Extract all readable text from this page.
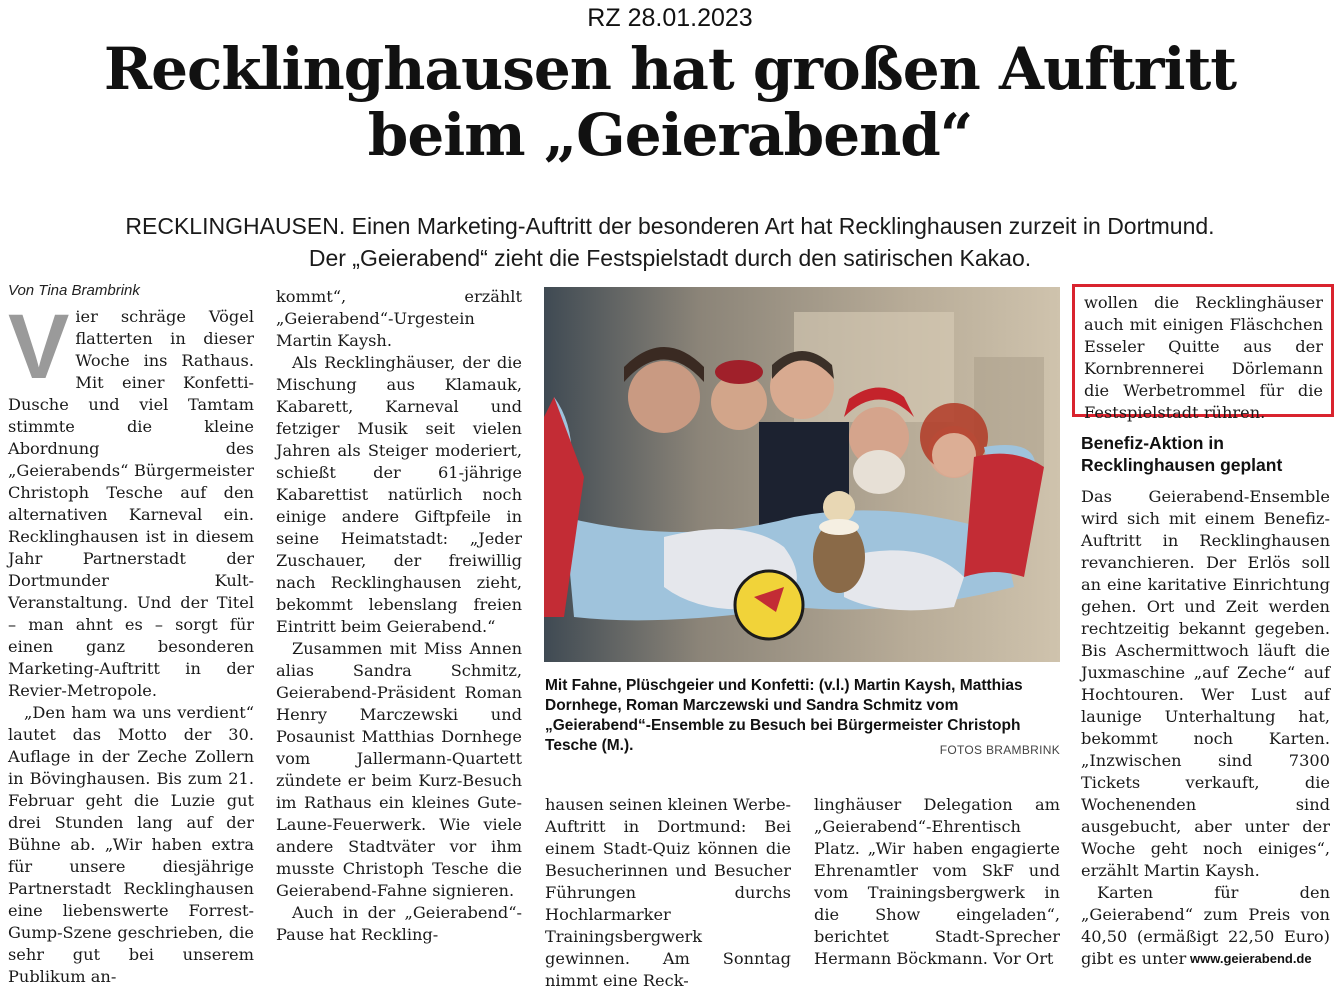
RZ 28.01.2023
Recklinghausen hat großen Auftritt
beim „Geierabend“
RECKLINGHAUSEN. Einen Marketing-Auftritt der besonderen Art hat Recklinghausen zurzeit in Dortmund.
Der „Geierabend“ zieht die Festspielstadt durch den satirischen Kakao.
Von Tina Brambrink
V ier schräge Vögel flatterten in dieser Woche ins Rathaus. Mit einer Konfetti-Dusche und viel Tamtam stimmte die kleine Abordnung des „Geierabends“ Bürgermeister Christoph Tesche auf den alternativen Karneval ein. Recklinghausen ist in diesem Jahr Partnerstadt der Dortmunder Kult-Veranstaltung. Und der Titel – man ahnt es – sorgt für einen ganz besonderen Marketing-Auftritt in der Revier-Metropole.

„Den ham wa uns verdient“ lautet das Motto der 30. Auflage in der Zeche Zollern in Bövinghausen. Bis zum 21. Februar geht die Luzie gut drei Stunden lang auf der Bühne ab. „Wir haben extra für unsere diesjährige Partnerstadt Recklinghausen eine liebenswerte Forrest-Gump-Szene geschrieben, die sehr gut bei unserem Publikum an-

kommt“, erzählt „Geierabend“-Urgestein Martin Kaysh.

Als Recklinghäuser, der die Mischung aus Klamauk, Kabarett, Karneval und fetziger Musik seit vielen Jahren als Steiger moderiert, schießt der 61-jährige Kabarettist natürlich noch einige andere Giftpfeile in seine Heimatstadt: „Jeder Zuschauer, der freiwillig nach Recklinghausen zieht, bekommt lebenslang freien Eintritt beim Geierabend.“

Zusammen mit Miss Annen alias Sandra Schmitz, Geierabend-Präsident Roman Henry Marczewski und Posaunist Matthias Dornhege vom Jallermann-Quartett zündete er beim Kurz-Besuch im Rathaus ein kleines Gute-Laune-Feuerwerk. Wie viele andere Stadtväter vor ihm musste Christoph Tesche die Geierabend-Fahne signieren.

Auch in der „Geierabend“-Pause hat Reckling-

Mit Fahne, Plüschgeier und Konfetti: (v.l.) Martin Kaysh, Matthias Dornhege, Roman Marczewski und Sandra Schmitz vom „Geierabend“-Ensemble zu Besuch bei Bürgermeister Christoph Tesche (M.).	FOTOS BRAMBRINK

hausen seinen kleinen Werbe-Auftritt in Dortmund: Bei einem Stadt-Quiz können die Besucherinnen und Besucher Führungen durchs Hochlarmarker Trainingsbergwerk gewinnen. Am Sonntag nimmt eine Reck-

linghäuser Delegation am „Geierabend“-Ehrentisch Platz. „Wir haben engagierte Ehrenamtler vom SkF und vom Trainingsbergwerk in die Show eingeladen“, berichtet Stadt-Sprecher Hermann Böckmann. Vor Ort

wollen die Recklinghäuser auch mit einigen Fläschchen Esseler Quitte aus der Kornbrennerei Dörlemann die Werbetrommel für die Festspielstadt rühren.
Benefiz-Aktion in Recklinghausen geplant

Das Geierabend-Ensemble wird sich mit einem Benefiz-Auftritt in Recklinghausen revanchieren. Der Erlös soll an eine karitative Einrichtung gehen. Ort und Zeit werden rechtzeitig bekannt gegeben. Bis Aschermittwoch läuft die Juxmaschine „auf Zeche“ auf Hochtouren. Wer Lust auf launige Unterhaltung hat, bekommt noch Karten. „Inzwischen sind 7300 Tickets verkauft, die Wochenenden sind ausgebucht, aber unter der Woche geht noch einiges“, erzählt Martin Kaysh.

Karten für den „Geierabend“ zum Preis von 40,50 (ermäßigt 22,50 Euro) gibt es unter www.geierabend.de
